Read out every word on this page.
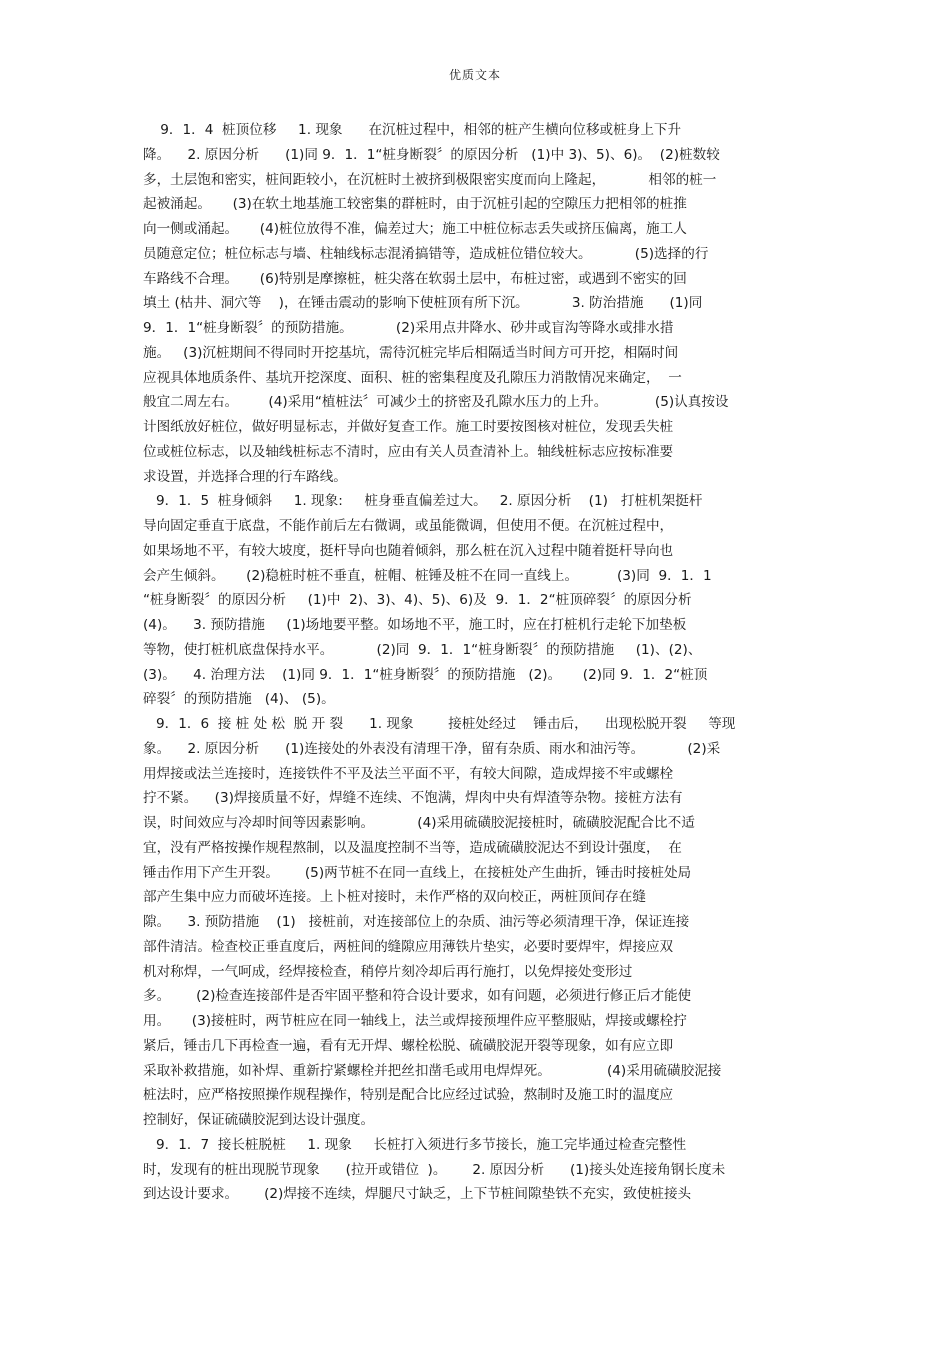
优质文本
9．1．4  桩顶位移     1. 现象      在沉桩过程中，相邻的桩产生横向位移或桩身上下升
降。    2. 原因分析      (1)同 9．1．1“桩身断裂〞的原因分析   (1)中 3)、5)、6)。  (2)桩数较
多，土层饱和密实，桩间距较小，在沉桩时土被挤到极限密实度而向上隆起，          相邻的桩一
起被涌起。     (3)在软土地基施工较密集的群桩时，由于沉桩引起的空隙压力把相邻的桩推
向一侧或涌起。     (4)桩位放得不准，偏差过大；施工中桩位标志丢失或挤压偏离，施工人
员随意定位；桩位标志与墙、柱轴线标志混淆搞错等，造成桩位错位较大。          (5)选择的行
车路线不合理。     (6)特别是摩擦桩，桩尖落在软弱土层中，布桩过密，或遇到不密实的回
填土 (枯井、洞穴等    )，在锤击震动的影响下使桩顶有所下沉。          3. 防治措施      (1)同
9．1．1“桩身断裂〞的预防措施。          (2)采用点井降水、砂井或盲沟等降水或排水措
施。   (3)沉桩期间不得同时开挖基坑，需待沉桩完毕后相隔适当时间方可开挖，相隔时间
应视具体地质条件、基坑开挖深度、面积、桩的密集程度及孔隙压力消散情况来确定，  一
般宜二周左右。       (4)采用“植桩法〞可减少土的挤密及孔隙水压力的上升。           (5)认真按设
计图纸放好桩位，做好明显标志，并做好复查工作。施工时要按图核对桩位，发现丢失桩
位或桩位标志，以及轴线桩标志不清时，应由有关人员查清补上。轴线桩标志应按标准要
求设置，并选择合理的行车路线。
9．1．5  桩身倾斜     1. 现象:     桩身垂直偏差过大。   2. 原因分析    (1)   打桩机架挺杆
导向固定垂直于底盘，不能作前后左右微调，或虽能微调，但使用不便。在沉桩过程中，
如果场地不平，有较大坡度，挺杆导向也随着倾斜，那么桩在沉入过程中随着挺杆导向也
会产生倾斜。     (2)稳桩时桩不垂直，桩帽、桩锤及桩不在同一直线上。         (3)同  9．1．1
“桩身断裂〞的原因分析     (1)中  2)、3)、4)、5)、6)及  9．1．2“桩顶碎裂〞的原因分析
(4)。    3. 预防措施     (1)场地要平整。如场地不平，施工时，应在打桩机行走轮下加垫板
等物，使打桩机底盘保持水平。          (2)同  9．1．1“桩身断裂〞的预防措施     (1)、(2)、
(3)。    4. 治理方法    (1)同 9．1．1“桩身断裂〞的预防措施   (2)。     (2)同 9．1．2“桩顶
碎裂〞的预防措施   (4)、 (5)。
9．1．6  接 桩 处 松  脱 开 裂      1. 现象        接桩处经过    锤击后，    出现松脱开裂     等现
象。    2. 原因分析      (1)连接处的外表没有清理干净，留有杂质、雨水和油污等。          (2)采
用焊接或法兰连接时，连接铁件不平及法兰平面不平，有较大间隙，造成焊接不牢或螺栓
拧不紧。    (3)焊接质量不好，焊缝不连续、不饱满，焊肉中央有焊渣等杂物。接桩方法有
误，时间效应与冷却时间等因素影响。          (4)采用硫磺胶泥接桩时，硫磺胶泥配合比不适
宜，没有严格按操作规程熬制，以及温度控制不当等，造成硫磺胶泥达不到设计强度，  在
锤击作用下产生开裂。      (5)两节桩不在同一直线上，在接桩处产生曲折，锤击时接桩处局
部产生集中应力而破坏连接。上卜桩对接时，未作严格的双向校正，两桩顶间存在缝
隙。    3. 预防措施    (1)   接桩前，对连接部位上的杂质、油污等必须清理干净，保证连接
部件清洁。检查校正垂直度后，两桩间的缝隙应用薄铁片垫实，必要时要焊牢，焊接应双
机对称焊，一气呵成，经焊接检查，稍停片刻冷却后再行施打，以免焊接处变形过
多。      (2)检查连接部件是否牢固平整和符合设计要求，如有问题，必须进行修正后才能使
用。     (3)接桩时，两节桩应在同一轴线上，法兰或焊接预埋件应平整服贴，焊接或螺栓拧
紧后，锤击几下再检查一遍，看有无开焊、螺栓松脱、硫磺胶泥开裂等现象，如有应立即
采取补救措施，如补焊、重新拧紧螺栓并把丝扣凿毛或用电焊焊死。             (4)采用硫磺胶泥接
桩法时，应严格按照操作规程操作，特别是配合比应经过试验，熬制时及施工时的温度应
控制好，保证硫磺胶泥到达设计强度。
9．1．7  接长桩脱桩     1. 现象     长桩打入须进行多节接长，施工完毕通过检查完整性
时，发现有的桩出现脱节现象      (拉开或错位  )。      2. 原因分析      (1)接头处连接角钢长度未
到达设计要求。      (2)焊接不连续，焊腿尺寸缺乏，上下节桩间隙垫铁不充实，致使桩接头
